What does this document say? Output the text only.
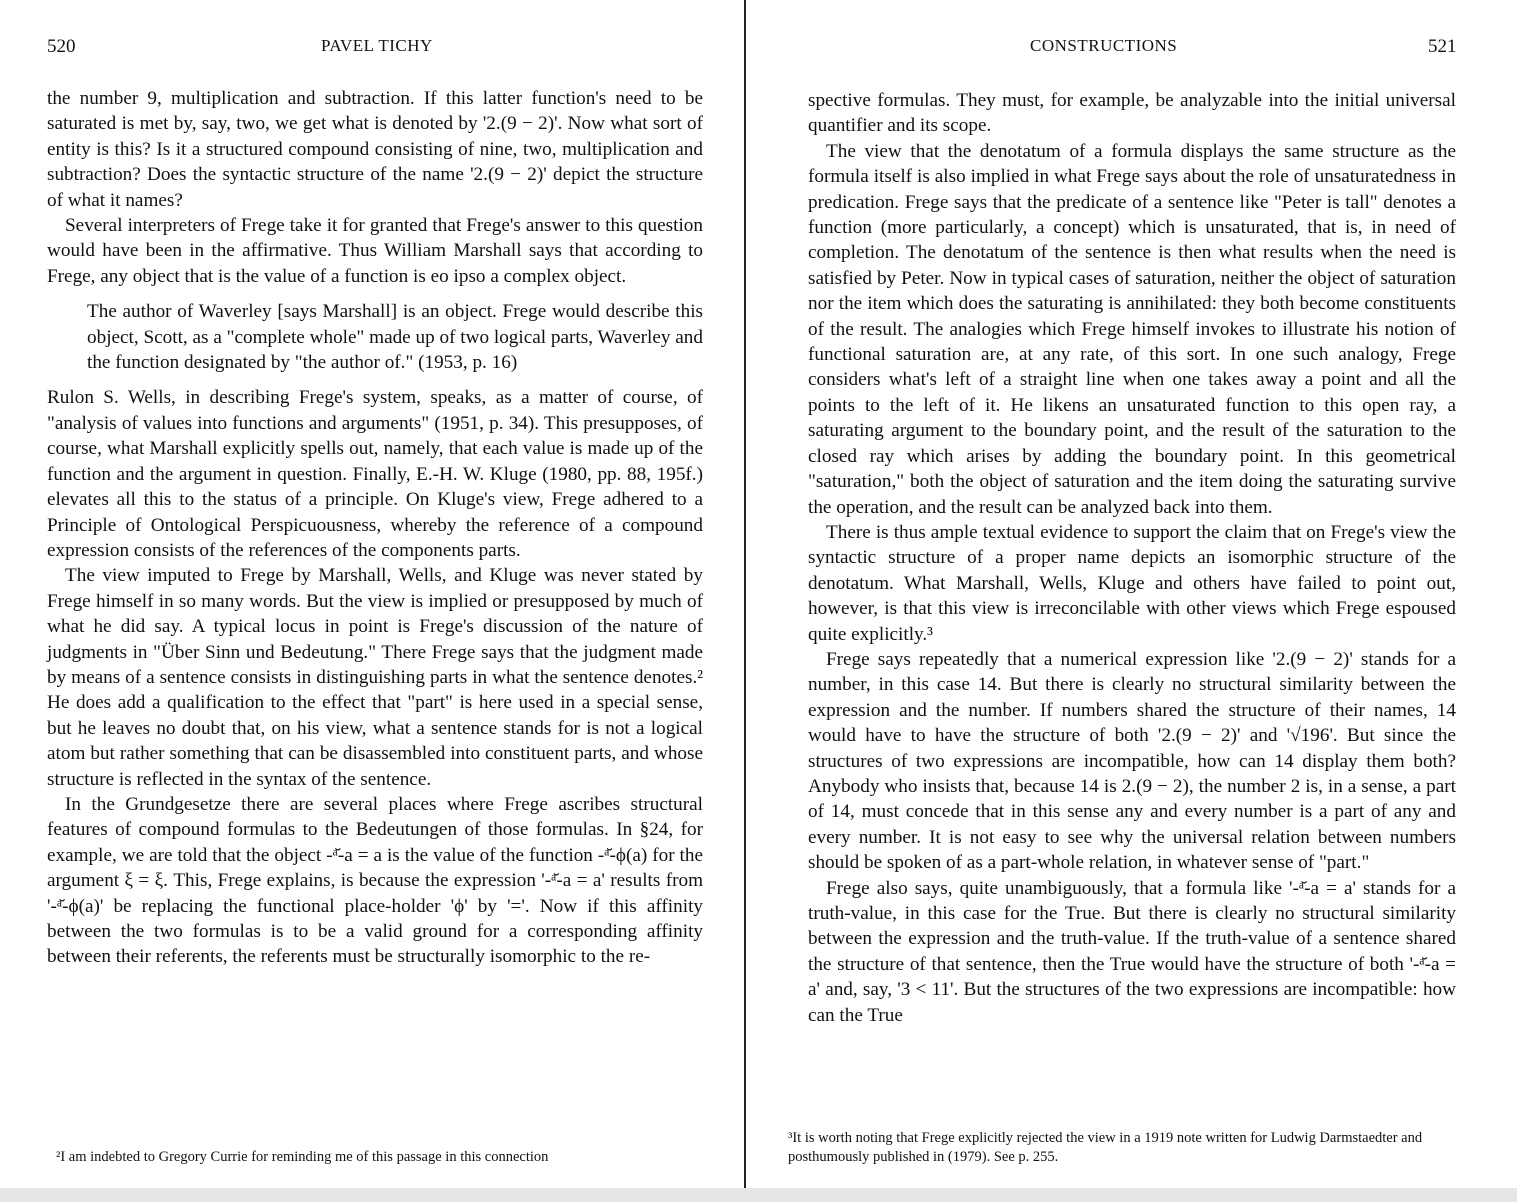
520	PAVEL TICHY

the number 9, multiplication and subtraction. If this latter function's need to be saturated is met by, say, two, we get what is denoted by '2.(9 − 2)'. Now what sort of entity is this? Is it a structured compound consisting of nine, two, multiplication and subtraction? Does the syntactic structure of the name '2.(9 − 2)' depict the structure of what it names?

Several interpreters of Frege take it for granted that Frege's answer to this question would have been in the affirmative. Thus William Marshall says that according to Frege, any object that is the value of a function is eo ipso a complex object.

The author of Waverley [says Marshall] is an object. Frege would describe this object, Scott, as a "complete whole" made up of two logical parts, Waverley and the function designated by "the author of." (1953, p. 16)

Rulon S. Wells, in describing Frege's system, speaks, as a matter of course, of "analysis of values into functions and arguments" (1951, p. 34). This presupposes, of course, what Marshall explicitly spells out, namely, that each value is made up of the function and the argument in question. Finally, E.-H. W. Kluge (1980, pp. 88, 195f.) elevates all this to the status of a principle. On Kluge's view, Frege adhered to a Principle of Ontological Perspicuousness, whereby the reference of a compound expression consists of the references of the components parts.

The view imputed to Frege by Marshall, Wells, and Kluge was never stated by Frege himself in so many words. But the view is implied or presupposed by much of what he did say. A typical locus in point is Frege's discussion of the nature of judgments in "Über Sinn und Bedeutung." There Frege says that the judgment made by means of a sentence consists in distinguishing parts in what the sentence denotes.² He does add a qualification to the effect that "part" is here used in a special sense, but he leaves no doubt that, on his view, what a sentence stands for is not a logical atom but rather something that can be disassembled into constituent parts, and whose structure is reflected in the syntax of the sentence.

In the Grundgesetze there are several places where Frege ascribes structural features of compound formulas to the Bedeutungen of those formulas. In §24, for example, we are told that the object -ᵃ̆-a = a is the value of the function -ᵃ̆-ϕ(a) for the argument ξ = ξ. This, Frege explains, is because the expression '-ᵃ̆-a = a' results from '-ᵃ̆-ϕ(a)' be replacing the functional place-holder 'ϕ' by '='. Now if this affinity between the two formulas is to be a valid ground for a corresponding affinity between their referents, the referents must be structurally isomorphic to the re-

²I am indebted to Gregory Currie for reminding me of this passage in this connection
CONSTRUCTIONS	521

spective formulas. They must, for example, be analyzable into the initial universal quantifier and its scope.

The view that the denotatum of a formula displays the same structure as the formula itself is also implied in what Frege says about the role of unsaturatedness in predication. Frege says that the predicate of a sentence like "Peter is tall" denotes a function (more particularly, a concept) which is unsaturated, that is, in need of completion. The denotatum of the sentence is then what results when the need is satisfied by Peter. Now in typical cases of saturation, neither the object of saturation nor the item which does the saturating is annihilated: they both become constituents of the result. The analogies which Frege himself invokes to illustrate his notion of functional saturation are, at any rate, of this sort. In one such analogy, Frege considers what's left of a straight line when one takes away a point and all the points to the left of it. He likens an unsaturated function to this open ray, a saturating argument to the boundary point, and the result of the saturation to the closed ray which arises by adding the boundary point. In this geometrical "saturation," both the object of saturation and the item doing the saturating survive the operation, and the result can be analyzed back into them.

There is thus ample textual evidence to support the claim that on Frege's view the syntactic structure of a proper name depicts an isomorphic structure of the denotatum. What Marshall, Wells, Kluge and others have failed to point out, however, is that this view is irreconcilable with other views which Frege espoused quite explicitly.³

Frege says repeatedly that a numerical expression like '2.(9 − 2)' stands for a number, in this case 14. But there is clearly no structural similarity between the expression and the number. If numbers shared the structure of their names, 14 would have to have the structure of both '2.(9 − 2)' and '√196'. But since the structures of two expressions are incompatible, how can 14 display them both? Anybody who insists that, because 14 is 2.(9 − 2), the number 2 is, in a sense, a part of 14, must concede that in this sense any and every number is a part of any and every number. It is not easy to see why the universal relation between numbers should be spoken of as a part-whole relation, in whatever sense of "part."

Frege also says, quite unambiguously, that a formula like '-ᵃ̆-a = a' stands for a truth-value, in this case for the True. But there is clearly no structural similarity between the expression and the truth-value. If the truth-value of a sentence shared the structure of that sentence, then the True would have the structure of both '-ᵃ̆-a = a' and, say, '3 < 11'. But the structures of the two expressions are incompatible: how can the True

³It is worth noting that Frege explicitly rejected the view in a 1919 note written for Ludwig Darmstaedter and posthumously published in (1979). See p. 255.
